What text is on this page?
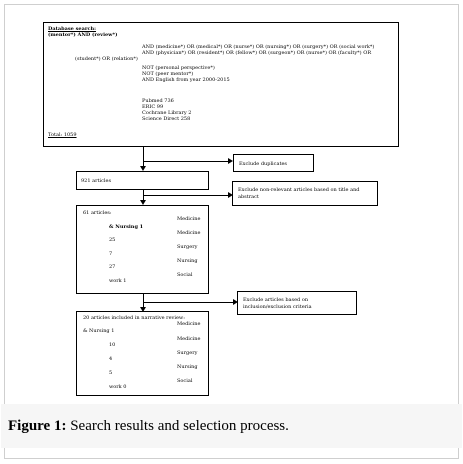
Database search:
(mentor*) AND (review*)
AND (medicine*) OR (medical*) OR (nurse*) OR (nursing*) OR (surgery*) OR (social work*)
AND (physician*) OR (resident*) OR (fellow*) OR (surgeon*) OR (nurse*) OR (faculty*) OR
(student*) OR (relation*)
NOT (personal perspective*)
NOT (peer mentor*)
AND English from year 2000-2015
Pubmed 736
ERIC 99
Cochrane Library 2
Science Direct 258
Total: 1059
Exclude duplicates
921 articles
Exclude non-relevant articles based on title and
abstract
61 articles:
& Nursing 1
25
7
27
work 1
Medicine
Medicine
Surgery
Nursing
Social
Exclude articles based on
inclusion/exclusion criteria
20 articles included in narrative review:
& Nursing 1
10
4
5
work 0
Medicine
Medicine
Surgery
Nursing
Social
Figure 1: Search results and selection process.
